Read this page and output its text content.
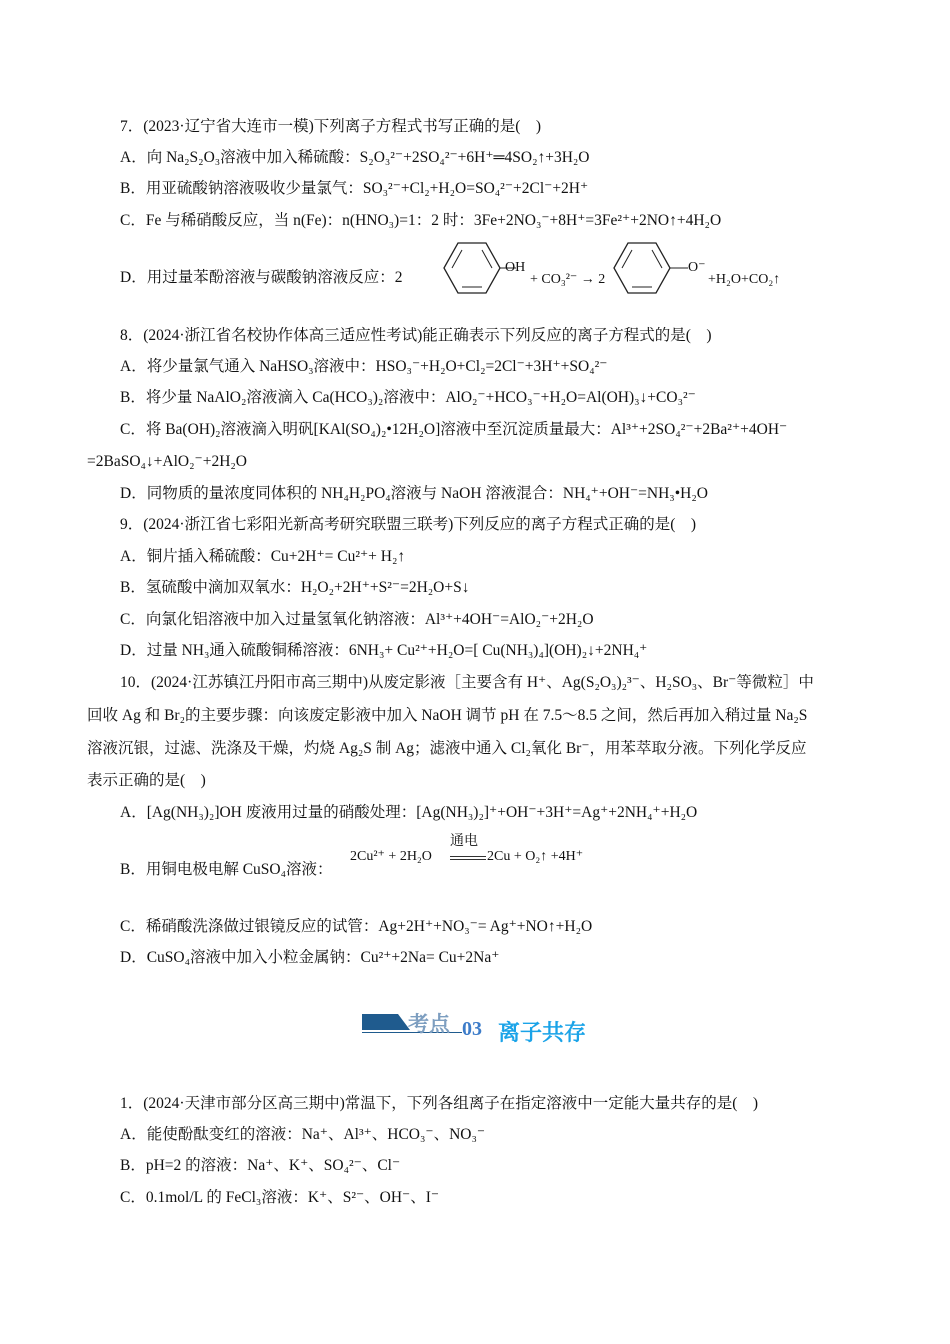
7．(2023·辽宁省大连市一模)下列离子方程式书写正确的是(　)
A．向 Na₂S₂O₃溶液中加入稀硫酸：S₂O₃²⁻+2SO₄²⁻+6H⁺═4SO₂↑+3H₂O
B．用亚硫酸钠溶液吸收少量氯气：SO₃²⁻+Cl₂+H₂O=SO₄²⁻+2Cl⁻+2H⁺
C．Fe 与稀硝酸反应，当 n(Fe)：n(HNO₃)=1：2 时：3Fe+2NO₃⁻+8H⁺=3Fe²⁺+2NO↑+4H₂O
D．用过量苯酚溶液与碳酸钠溶液反应：2
OH
+ CO₃²⁻ → 2
O⁻
+H₂O+CO₂↑
8．(2024·浙江省名校协作体高三适应性考试)能正确表示下列反应的离子方程式的是(　)
A．将少量氯气通入 NaHSO₃溶液中：HSO₃⁻+H₂O+Cl₂=2Cl⁻+3H⁺+SO₄²⁻
B．将少量 NaAlO₂溶液滴入 Ca(HCO₃)₂溶液中：AlO₂⁻+HCO₃⁻+H₂O=Al(OH)₃↓+CO₃²⁻
C．将 Ba(OH)₂溶液滴入明矾[KAl(SO₄)₂•12H₂O]溶液中至沉淀质量最大：Al³⁺+2SO₄²⁻+2Ba²⁺+4OH⁻
=2BaSO₄↓+AlO₂⁻+2H₂O
D．同物质的量浓度同体积的 NH₄H₂PO₄溶液与 NaOH 溶液混合：NH₄⁺+OH⁻=NH₃•H₂O
9．(2024·浙江省七彩阳光新高考研究联盟三联考)下列反应的离子方程式正确的是(　)
A．铜片插入稀硫酸：Cu+2H⁺= Cu²⁺+ H₂↑
B．氢硫酸中滴加双氧水：H₂O₂+2H⁺+S²⁻=2H₂O+S↓
C．向氯化铝溶液中加入过量氢氧化钠溶液：Al³⁺+4OH⁻=AlO₂⁻+2H₂O
D．过量 NH₃通入硫酸铜稀溶液：6NH₃+ Cu²⁺+H₂O=[ Cu(NH₃)₄](OH)₂↓+2NH₄⁺
10．(2024·江苏镇江丹阳市高三期中)从废定影液［主要含有 H⁺、Ag(S₂O₃)₂³⁻、H₂SO₃、Br⁻等微粒］中
回收 Ag 和 Br₂的主要步骤：向该废定影液中加入 NaOH 调节 pH 在 7.5～8.5 之间，然后再加入稍过量 Na₂S
溶液沉银，过滤、洗涤及干燥，灼烧 Ag₂S 制 Ag；滤液中通入 Cl₂氧化 Br⁻，用苯萃取分液。下列化学反应
表示正确的是(　)
A．[Ag(NH₃)₂]OH 废液用过量的硝酸处理：[Ag(NH₃)₂]⁺+OH⁻+3H⁺=Ag⁺+2NH₄⁺+H₂O
B．用铜电极电解 CuSO₄溶液：
2Cu²⁺ + 2H₂O
通电
2Cu + O₂↑ +4H⁺
C．稀硝酸洗涤做过银镜反应的试管：Ag+2H⁺+NO₃⁻= Ag⁺+NO↑+H₂O
D．CuSO₄溶液中加入小粒金属钠：Cu²⁺+2Na= Cu+2Na⁺
考点 03 离子共存
1．(2024·天津市部分区高三期中)常温下，下列各组离子在指定溶液中一定能大量共存的是(　)
A．能使酚酞变红的溶液：Na⁺、Al³⁺、HCO₃⁻、NO₃⁻
B．pH=2 的溶液：Na⁺、K⁺、SO₄²⁻、Cl⁻
C．0.1mol/L 的 FeCl₃溶液：K⁺、S²⁻、OH⁻、I⁻
